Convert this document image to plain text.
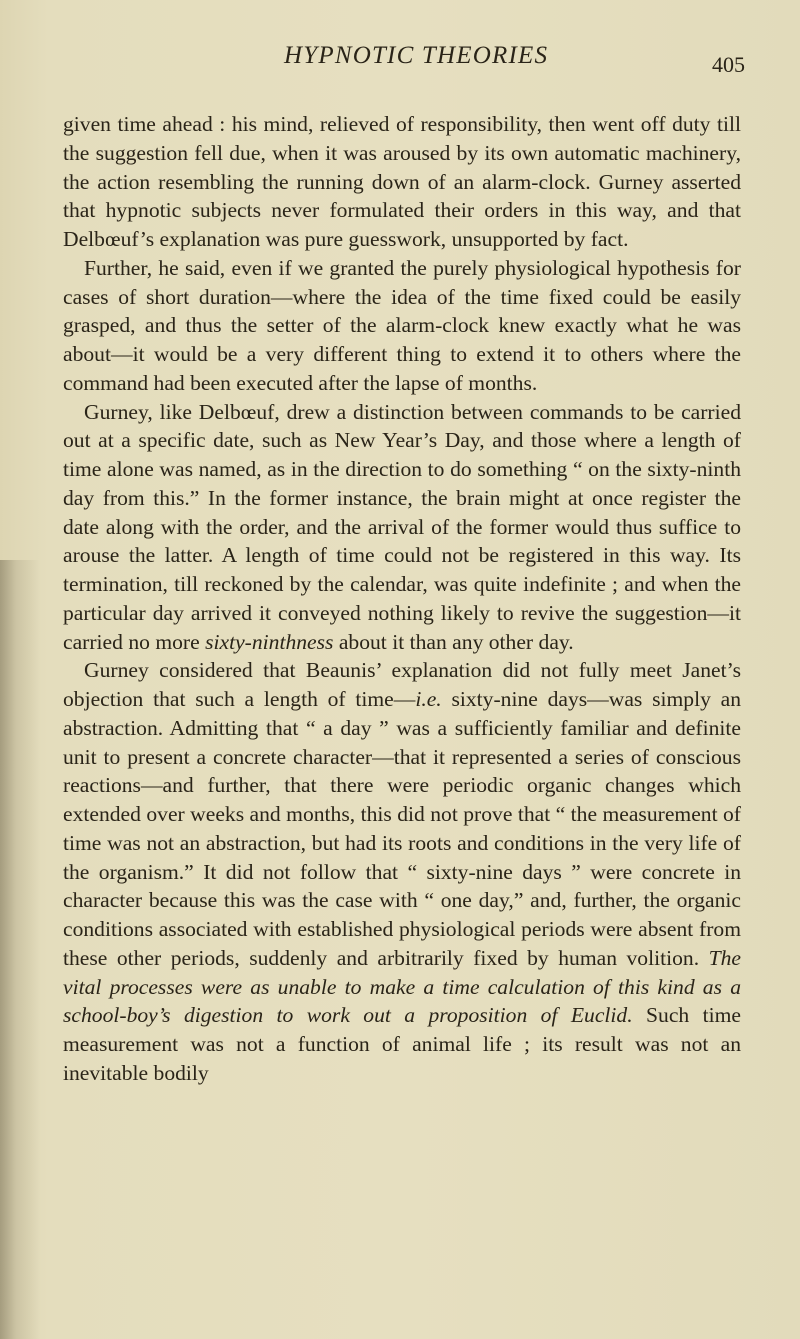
HYPNOTIC THEORIES	405

given time ahead : his mind, relieved of responsibility, then went off duty till the suggestion fell due, when it was aroused by its own automatic machinery, the action resembling the running down of an alarm-clock. Gurney asserted that hypnotic subjects never formulated their orders in this way, and that Delbœuf’s explanation was pure guesswork, unsupported by fact.

Further, he said, even if we granted the purely physiological hypothesis for cases of short duration—where the idea of the time fixed could be easily grasped, and thus the setter of the alarm-clock knew exactly what he was about—it would be a very different thing to extend it to others where the command had been executed after the lapse of months.

Gurney, like Delbœuf, drew a distinction between commands to be carried out at a specific date, such as New Year’s Day, and those where a length of time alone was named, as in the direction to do something “ on the sixty-ninth day from this.” In the former instance, the brain might at once register the date along with the order, and the arrival of the former would thus suffice to arouse the latter. A length of time could not be registered in this way. Its termination, till reckoned by the calendar, was quite indefinite ; and when the particular day arrived it conveyed nothing likely to revive the suggestion—it carried no more sixty-ninthness about it than any other day.

Gurney considered that Beaunis’ explanation did not fully meet Janet’s objection that such a length of time—i.e. sixty-nine days—was simply an abstraction. Admitting that “ a day ” was a sufficiently familiar and definite unit to present a concrete character—that it represented a series of conscious reactions—and further, that there were periodic organic changes which extended over weeks and months, this did not prove that “ the measurement of time was not an abstraction, but had its roots and conditions in the very life of the organism.” It did not follow that “ sixty-nine days ” were concrete in character because this was the case with “ one day,” and, further, the organic conditions associated with established physiological periods were absent from these other periods, suddenly and arbitrarily fixed by human volition. The vital processes were as unable to make a time calculation of this kind as a school-boy’s digestion to work out a proposition of Euclid. Such time measurement was not a function of animal life ; its result was not an inevitable bodily
